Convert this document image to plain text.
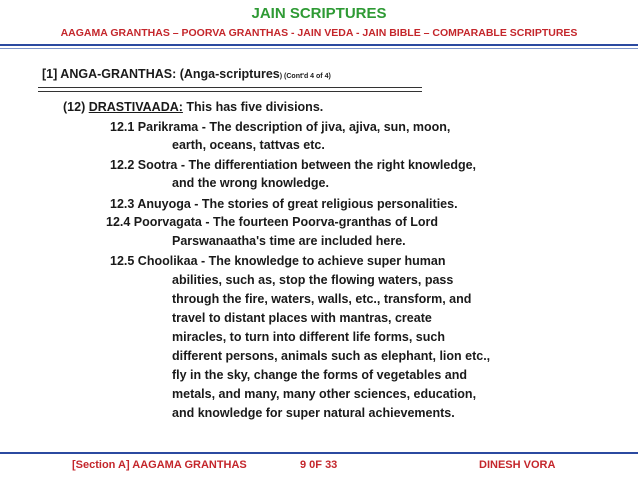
JAIN SCRIPTURES
AAGAMA GRANTHAS – POORVA GRANTHAS - JAIN VEDA - JAIN BIBLE – COMPARABLE SCRIPTURES
[1] ANGA-GRANTHAS: (Anga-scriptures) (Cont'd 4 of 4)
(12) DRASTIVAADA: This has five divisions.
12.1 Parikrama - The description of jiva, ajiva, sun, moon,
earth, oceans, tattvas etc.
12.2 Sootra - The differentiation between the right knowledge,
and the wrong knowledge.
12.3 Anuyoga - The stories of great religious personalities.
12.4 Poorvagata - The fourteen Poorva-granthas of Lord
Parswanaatha's time are included here.
12.5 Choolikaa - The knowledge to achieve super human
abilities, such as, stop the flowing waters, pass
through the fire, waters, walls, etc., transform, and
travel to distant places with mantras, create
miracles, to turn into different life forms, such
different persons, animals such as elephant, lion etc.,
fly in the sky, change the forms of vegetables and
metals, and many, many other sciences, education,
and knowledge for super natural achievements.
[Section A] AAGAMA GRANTHAS	9 0F 33	DINESH VORA
